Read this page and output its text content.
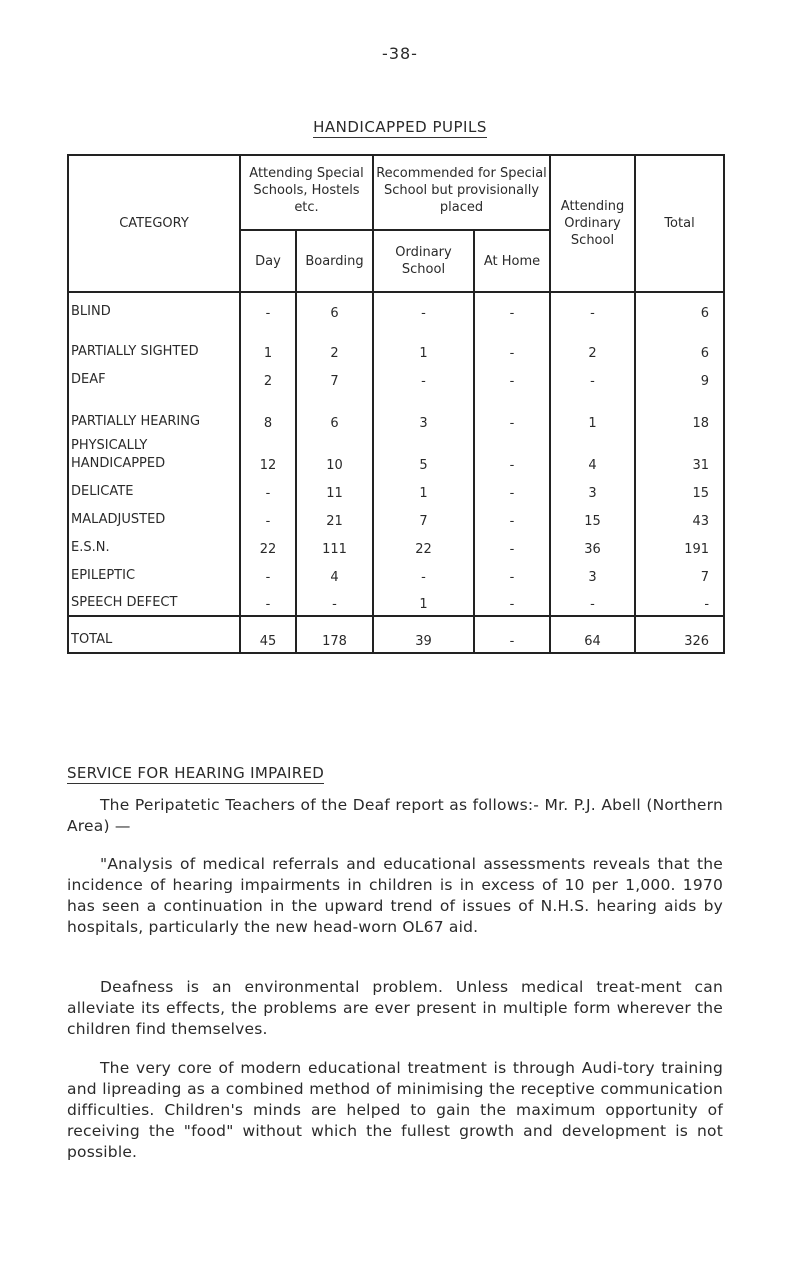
-38-
HANDICAPPED PUPILS
CATEGORY	Attending Special Schools, Hostels etc.		Recommended for Special School but provisionally placed		Attending Ordinary School	Total
	Day	Boarding	Ordinary School	At Home		
BLIND	-	6	-	-	-	6
PARTIALLY SIGHTED	1	2	1	-	2	6
DEAF	2	7	-	-	-	9
PARTIALLY HEARING	8	6	3	-	1	18
PHYSICALLY HANDICAPPED	12	10	5	-	4	31
DELICATE	-	11	1	-	3	15
MALADJUSTED	-	21	7	-	15	43
E.S.N.	22	111	22	-	36	191
EPILEPTIC	-	4	-	-	3	7
SPEECH DEFECT	-	-	1	-	-	-
TOTAL	45	178	39	-	64	326
SERVICE FOR HEARING IMPAIRED
The Peripatetic Teachers of the Deaf report as follows:- Mr. P.J. Abell (Northern Area) —
"Analysis of medical referrals and educational assessments reveals that the incidence of hearing impairments in children is in excess of 10 per 1,000. 1970 has seen a continuation in the upward trend of issues of N.H.S. hearing aids by hospitals, particularly the new head-worn OL67 aid.
Deafness is an environmental problem. Unless medical treat-ment can alleviate its effects, the problems are ever present in multiple form wherever the children find themselves.
The very core of modern educational treatment is through Audi-tory training and lipreading as a combined method of minimising the receptive communication difficulties. Children's minds are helped to gain the maximum opportunity of receiving the "food" without which the fullest growth and development is not possible.
